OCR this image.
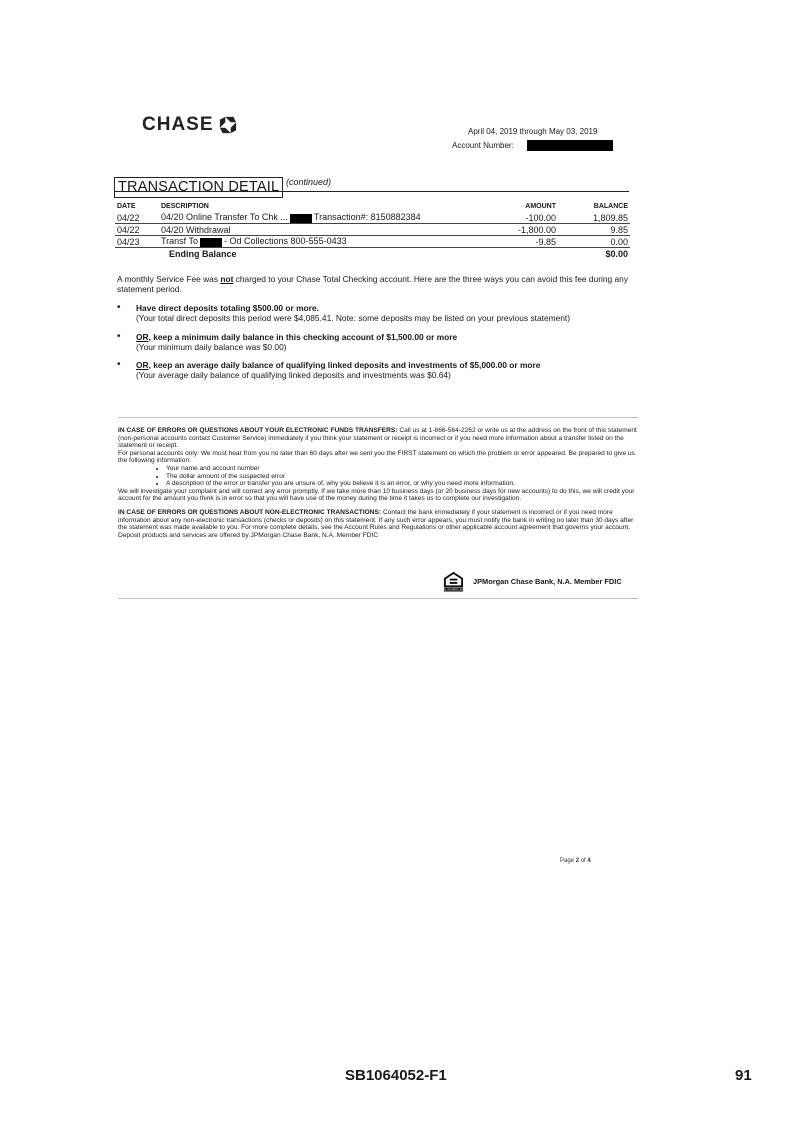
CHASE	April 04, 2019 through May 03, 2019
Account Number:
TRANSACTION DETAIL (continued)
DATE	DESCRIPTION	AMOUNT	BALANCE
04/22	04/20 Online Transfer To Chk ... Transaction#: 8150882384	-100.00	1,809.85
04/22	04/20 Withdrawal	-1,800.00	9.85
04/23	Transf To - Od Collections 800-555-0433	-9.85	0.00
	Ending Balance		$0.00
A monthly Service Fee was not charged to your Chase Total Checking account. Here are the three ways you can avoid this fee during any statement period.
• Have direct deposits totaling $500.00 or more.
(Your total direct deposits this period were $4,085.41. Note: some deposits may be listed on your previous statement)
• OR, keep a minimum daily balance in this checking account of $1,500.00 or more
(Your minimum daily balance was $0.00)
• OR, keep an average daily balance of qualifying linked deposits and investments of $5,000.00 or more
(Your average daily balance of qualifying linked deposits and investments was $0.64)

IN CASE OF ERRORS OR QUESTIONS ABOUT YOUR ELECTRONIC FUNDS TRANSFERS: Call us at 1-866-564-2262 or write us at the address on the front of this statement (non-personal accounts contact Customer Service) immediately if you think your statement or receipt is incorrect or if you need more information about a transfer listed on the statement or receipt.

For personal accounts only: We must hear from you no later than 60 days after we sent you the FIRST statement on which the problem or error appeared. Be prepared to give us the following information:

• Your name and account number
• The dollar amount of the suspected error
• A description of the error or transfer you are unsure of, why you believe it is an error, or why you need more information.

We will investigate your complaint and will correct any error promptly. If we take more than 10 business days (or 20 business days for new accounts) to do this, we will credit your account for the amount you think is in error so that you will have use of the money during the time it takes us to complete our investigation.

IN CASE OF ERRORS OR QUESTIONS ABOUT NON-ELECTRONIC TRANSACTIONS: Contact the bank immediately if your statement is incorrect or if you need more information about any non-electronic transactions (checks or deposits) on this statement. If any such error appears, you must notify the bank in writing no later than 30 days after the statement was made available to you. For more complete details, see the Account Rules and Regulations or other applicable account agreement that governs your account. Deposit products and services are offered by JPMorgan Chase Bank, N.A. Member FDIC

EQUAL HOUSING LENDER
JPMorgan Chase Bank, N.A. Member FDIC
Page 2 of 4
SB1064052-F1	91
